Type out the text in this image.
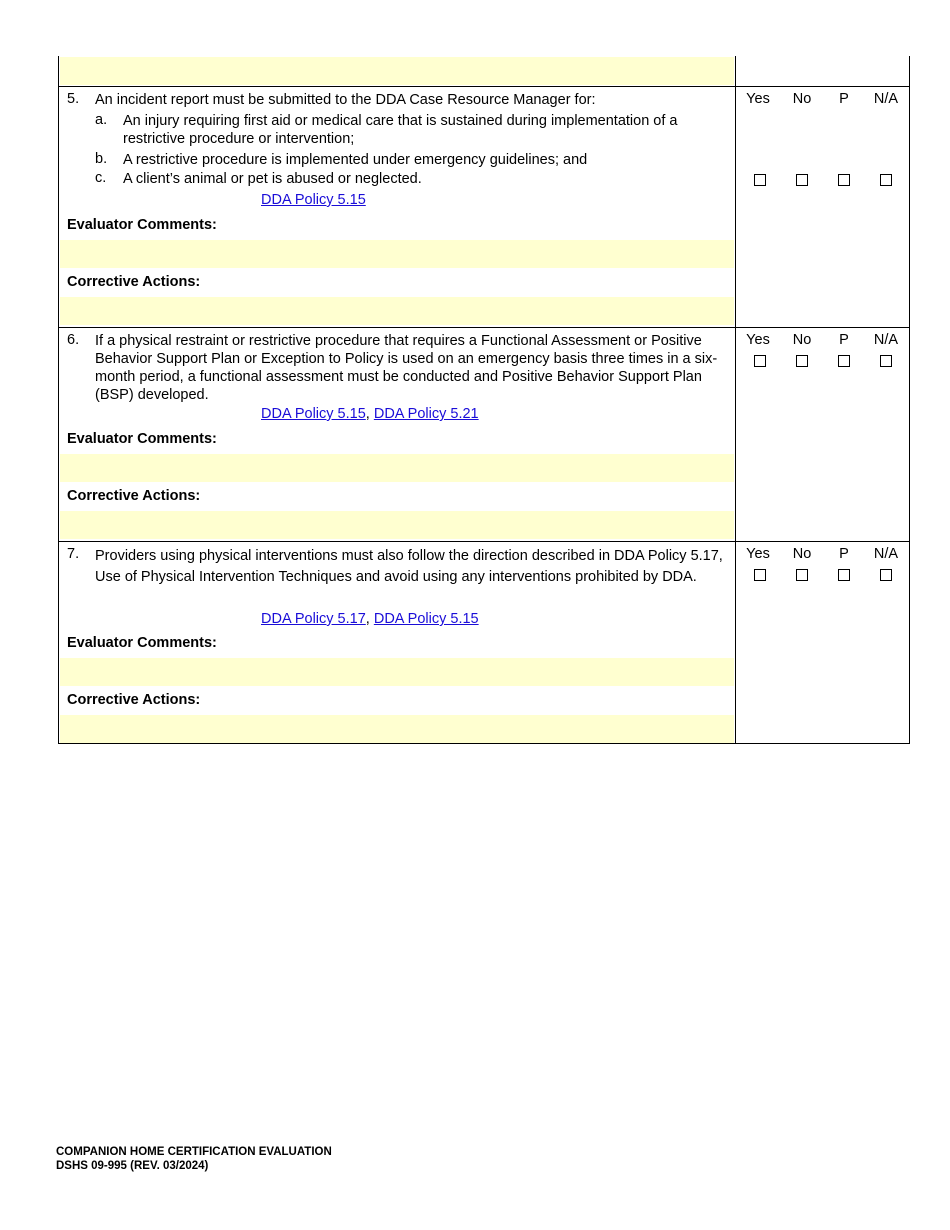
5. An incident report must be submitted to the DDA Case Resource Manager for:
a. An injury requiring first aid or medical care that is sustained during implementation of a restrictive procedure or intervention;
b. A restrictive procedure is implemented under emergency guidelines; and
c. A client’s animal or pet is abused or neglected.
DDA Policy 5.15
Evaluator Comments:
Corrective Actions:
Yes	No	P	N/A
6. If a physical restraint or restrictive procedure that requires a Functional Assessment or Positive Behavior Support Plan or Exception to Policy is used on an emergency basis three times in a six-month period, a functional assessment must be conducted and Positive Behavior Support Plan (BSP) developed.
DDA Policy 5.15, DDA Policy 5.21
Evaluator Comments:
Corrective Actions:
Yes	No	P	N/A
7. Providers using physical interventions must also follow the direction described in DDA Policy 5.17, Use of Physical Intervention Techniques and avoid using any interventions prohibited by DDA.
DDA Policy 5.17, DDA Policy 5.15
Evaluator Comments:
Corrective Actions:
Yes	No	P	N/A
COMPANION HOME CERTIFICATION EVALUATION
DSHS 09-995 (REV. 03/2024)
